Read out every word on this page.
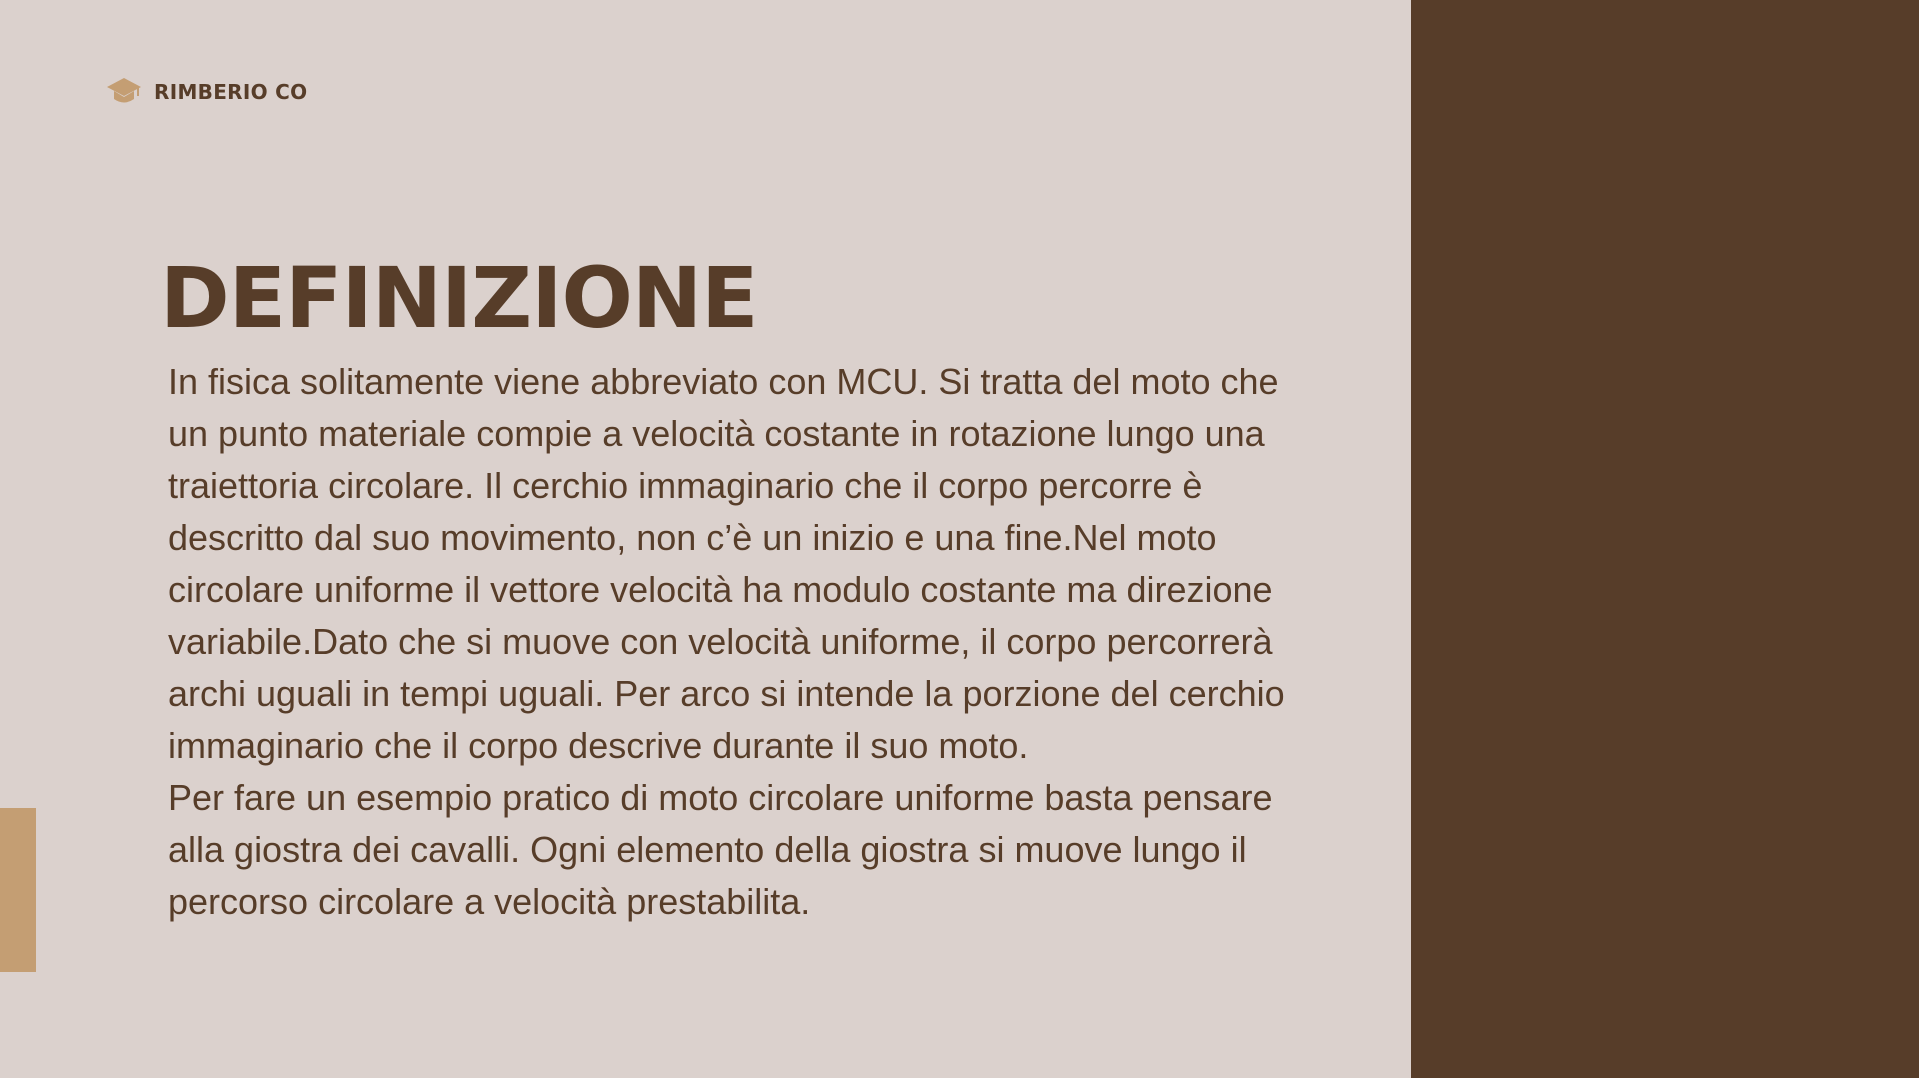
RIMBERIO CO
DEFINIZIONE

In fisica solitamente viene abbreviato con MCU. Si tratta del moto che un punto materiale compie a velocità costante in rotazione lungo una traiettoria circolare. Il cerchio immaginario che il corpo percorre è descritto dal suo movimento, non c’è un inizio e una fine.Nel moto circolare uniforme il vettore velocità ha modulo costante ma direzione variabile.Dato che si muove con velocità uniforme, il corpo percorrerà archi uguali in tempi uguali. Per arco si intende la porzione del cerchio immaginario che il corpo descrive durante il suo moto.

Per fare un esempio pratico di moto circolare uniforme basta pensare alla giostra dei cavalli. Ogni elemento della giostra si muove lungo il percorso circolare a velocità prestabilita.
